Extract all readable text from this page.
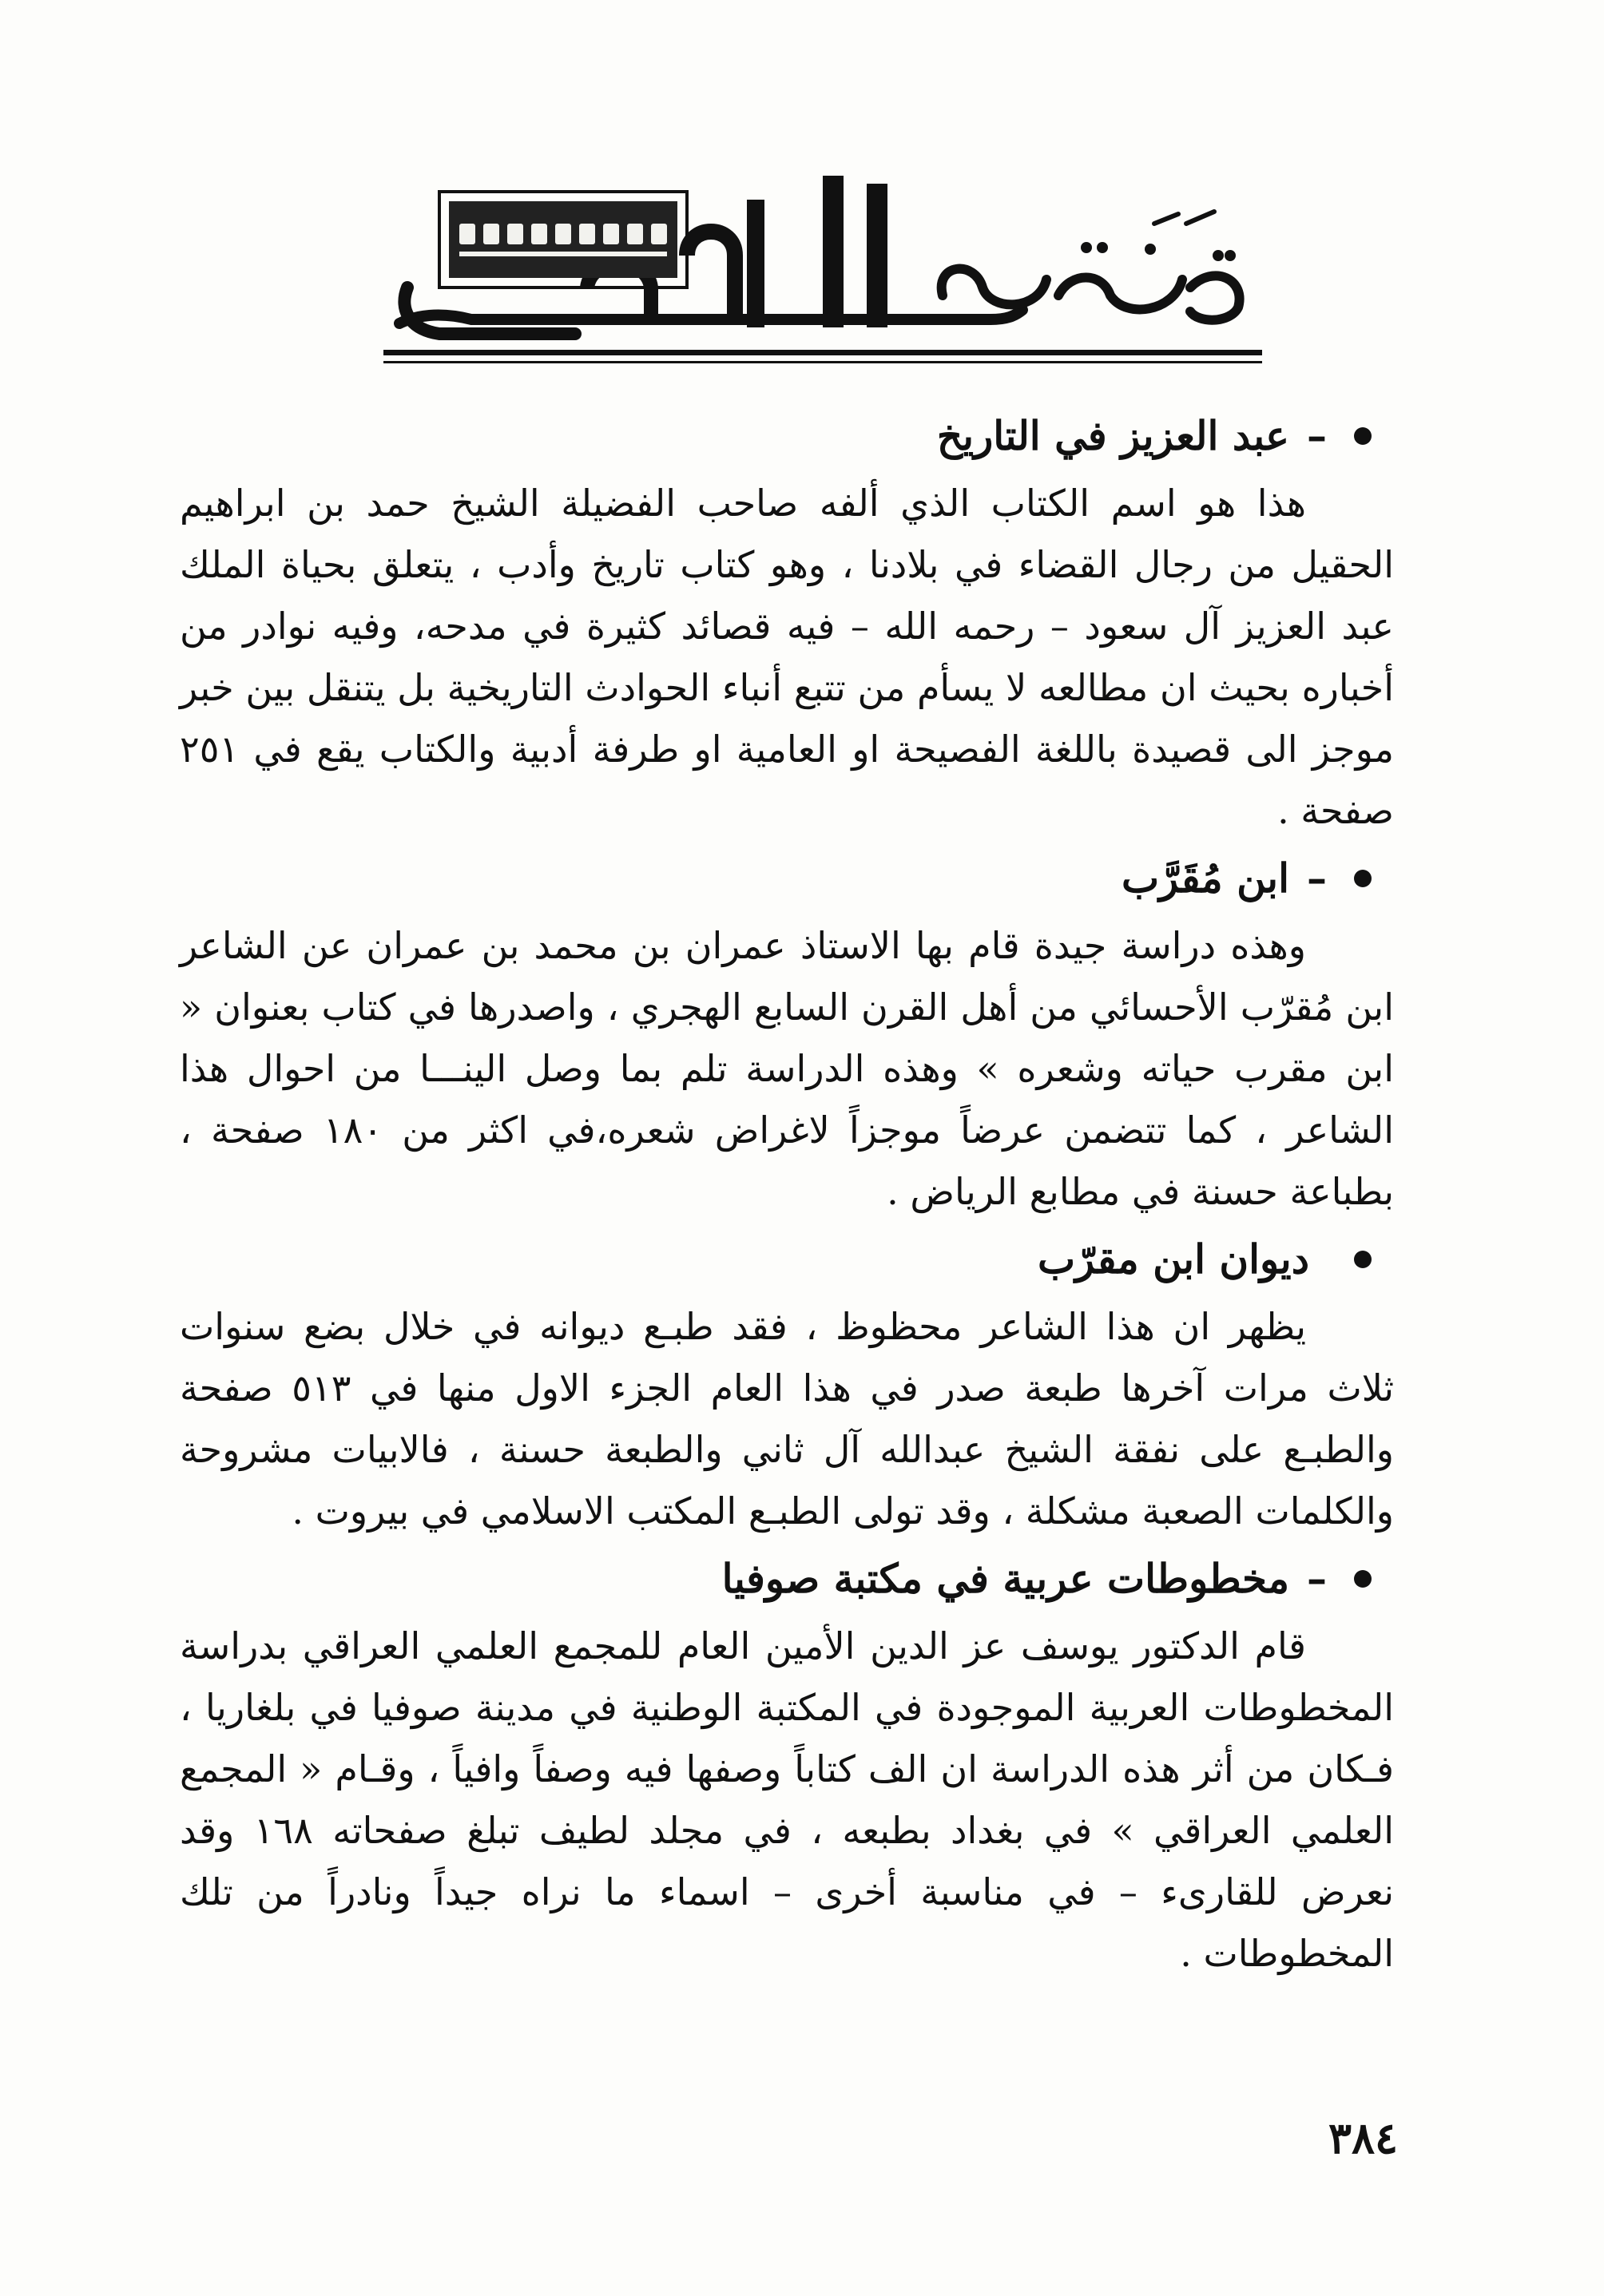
–
عبد العزيز في التاريخ

هذا هو اسم الكتاب الذي ألفه صاحب الفضيلة الشيخ حمد بن ابراهيم الحقيل من رجال القضاء في بلادنا ، وهو كتاب تاريخ وأدب ، يتعلق بحياة الملك عبد العزيز آل سعود – رحمه الله – فيه قصائد كثيرة في مدحه، وفيه نوادر من أخباره بحيث ان مطالعه لا يسأم من تتبع أنباء الحوادث التاريخية بل يتنقل بين خبر موجز الى قصيدة باللغة الفصيحة او العامية او طرفة أدبية والكتاب يقع في ٢٥١ صفحة .

–
ابن مُقَرَّب

وهذه دراسة جيدة قام بها الاستاذ عمران بن محمد بن عمران عن الشاعر ابن مُقرّب الأحسائي من أهل القرن السابع الهجري ، واصدرها في كتاب بعنوان « ابن مقرب حياته وشعره » وهذه الدراسة تلم بما وصل الينـــا من احوال هذا الشاعر ، كما تتضمن عرضاً موجزاً لاغراض شعره،في اكثر من ١٨٠ صفحة ، بطباعة حسنة في مطابع الرياض .

ديوان ابن مقرّب

يظهر ان هذا الشاعر محظوظ ، فقد طبـع ديوانه في خلال بضع سنوات ثلاث مرات آخرها طبعة صدر في هذا العام الجزء الاول منها في ٥١٣ صفحة والطبـع على نفقة الشيخ عبدالله آل ثاني والطبعة حسنة ، فالابيات مشروحة والكلمات الصعبة مشكلة ، وقد تولى الطبـع المكتب الاسلامي في بيروت .

–
مخطوطات عربية في مكتبة صوفيا

قام الدكتور يوسف عز الدين الأمين العام للمجمع العلمي العراقي بدراسة المخطوطات العربية الموجودة في المكتبة الوطنية في مدينة صوفيا في بلغاريا ، فـكان من أثر هذه الدراسة ان الف كتاباً وصفها فيه وصفاً وافياً ، وقـام « المجمع العلمي العراقي » في بغداد بطبعه ، في مجلد لطيف تبلغ صفحاته ١٦٨ وقد نعرض للقارىء – في مناسبة أخرى – اسماء ما نراه جيداً ونادراً من تلك المخطوطات .

٣٨٤
